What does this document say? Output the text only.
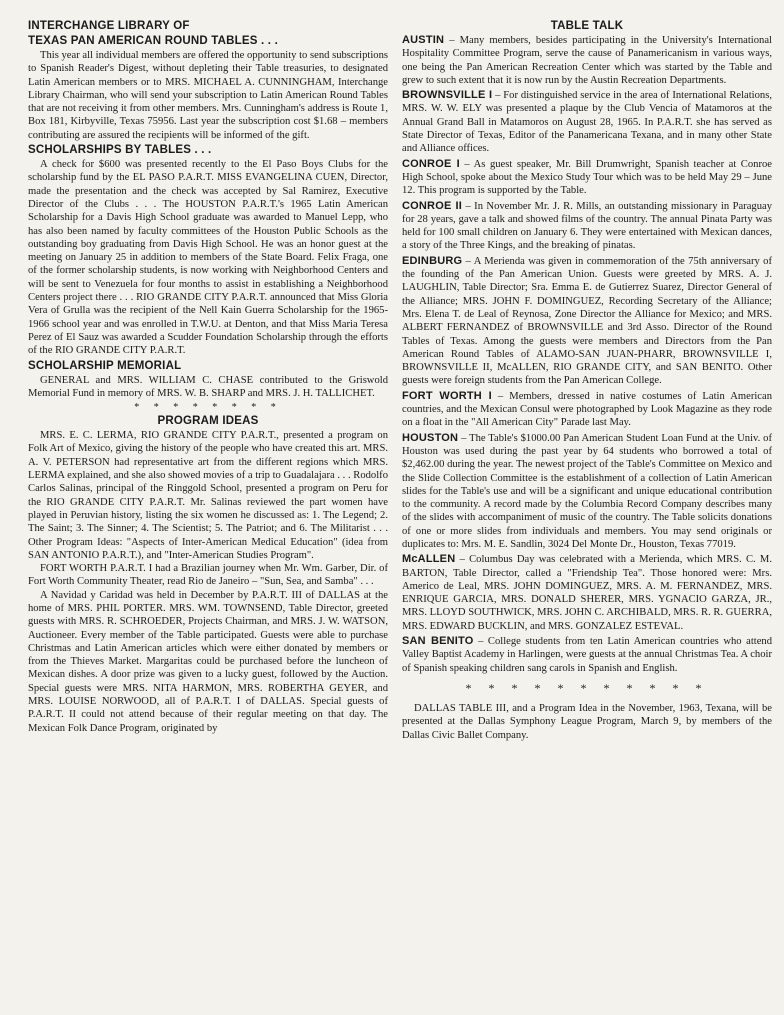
INTERCHANGE LIBRARY OF
TEXAS PAN AMERICAN ROUND TABLES . . .

This year all individual members are offered the opportunity to send subscriptions to Spanish Reader's Digest, without depleting their Table treasuries, to designated Latin American members or to MRS. MICHAEL A. CUNNINGHAM, Interchange Library Chairman, who will send your subscription to Latin American Round Tables that are not receiving it from other members. Mrs. Cunningham's address is Route 1, Box 181, Kirbyville, Texas 75956. Last year the subscription cost $1.68 – members contributing are assured the recipients will be informed of the gift.

SCHOLARSHIPS BY TABLES . . .

A check for $600 was presented recently to the El Paso Boys Clubs for the scholarship fund by the EL PASO P.A.R.T. MISS EVANGELINA CUEN, Director, made the presentation and the check was accepted by Sal Ramirez, Executive Director of the Clubs . . . The HOUSTON P.A.R.T.'s 1965 Latin American Scholarship for a Davis High School graduate was awarded to Manuel Lepp, who has also been named by faculty committees of the Houston Public Schools as the outstanding boy graduating from Davis High School. He was an honor guest at the meeting on January 25 in addition to members of the State Board. Felix Fraga, one of the former scholarship students, is now working with Neighborhood Centers and will be sent to Venezuela for four months to assist in establishing a Neighborhood Centers project there . . . RIO GRANDE CITY P.A.R.T. announced that Miss Gloria Vera of Grulla was the recipient of the Nell Kain Guerra Scholarship for the 1965-1966 school year and was enrolled in T.W.U. at Denton, and that Miss Maria Teresa Perez of El Sauz was awarded a Scudder Foundation Scholarship through the efforts of the RIO GRANDE CITY P.A.R.T.

SCHOLARSHIP MEMORIAL

GENERAL and MRS. WILLIAM C. CHASE contributed to the Griswold Memorial Fund in memory of MRS. W. B. SHARP and MRS. J. H. TALLICHET.

* * * * * * * *
PROGRAM IDEAS

MRS. E. C. LERMA, RIO GRANDE CITY P.A.R.T., presented a program on Folk Art of Mexico, giving the history of the people who have created this art. MRS. A. V. PETERSON had representative art from the different regions which MRS. LERMA explained, and she also showed movies of a trip to Guadalajara . . . Rodolfo Carlos Salinas, principal of the Ringgold School, presented a program on Peru for the RIO GRANDE CITY P.A.R.T. Mr. Salinas reviewed the part women have played in Peruvian history, listing the six women he discussed as: 1. The Legend; 2. The Saint; 3. The Sinner; 4. The Scientist; 5. The Patriot; and 6. The Militarist . . . Other Program Ideas: "Aspects of Inter-American Medical Education" (idea from SAN ANTONIO P.A.R.T.), and "Inter-American Studies Program".

FORT WORTH P.A.R.T. I had a Brazilian journey when Mr. Wm. Garber, Dir. of Fort Worth Community Theater, read Rio de Janeiro – "Sun, Sea, and Samba" . . .

A Navidad y Caridad was held in December by P.A.R.T. III of DALLAS at the home of MRS. PHIL PORTER. MRS. WM. TOWNSEND, Table Director, greeted guests with MRS. R. SCHROEDER, Projects Chairman, and MRS. J. W. WATSON, Auctioneer. Every member of the Table participated. Guests were able to purchase Christmas and Latin American articles which were either donated by members or from the Thieves Market. Margaritas could be purchased before the luncheon of Mexican dishes. A door prize was given to a lucky guest, followed by the Auction. Special guests were MRS. NITA HARMON, MRS. ROBERTHA GEYER, and MRS. LOUISE NORWOOD, all of P.A.R.T. I of DALLAS. Special guests of P.A.R.T. II could not attend because of their regular meeting on that day. The Mexican Folk Dance Program, originated by

TABLE TALK

AUSTIN – Many members, besides participating in the University's International Hospitality Committee Program, serve the cause of Panamericanism in various ways, one being the Pan American Recreation Center which was started by the Table and grew to such extent that it is now run by the Austin Recreation Departments.

BROWNSVILLE I – For distinguished service in the area of International Relations, MRS. W. W. ELY was presented a plaque by the Club Vencia of Matamoros at the Annual Grand Ball in Matamoros on August 28, 1965. In P.A.R.T. she has served as State Director of Texas, Editor of the Panamericana Texana, and in many other State and Alliance offices.

CONROE I – As guest speaker, Mr. Bill Drumwright, Spanish teacher at Conroe High School, spoke about the Mexico Study Tour which was to be held May 29 – June 12. This program is supported by the Table.

CONROE II – In November Mr. J. R. Mills, an outstanding missionary in Paraguay for 28 years, gave a talk and showed films of the country. The annual Pinata Party was held for 100 small children on January 6. They were entertained with Mexican dances, a story of the Three Kings, and the breaking of pinatas.

EDINBURG – A Merienda was given in commemoration of the 75th anniversary of the founding of the Pan American Union. Guests were greeted by MRS. A. J. LAUGHLIN, Table Director; Sra. Emma E. de Gutierrez Suarez, Director General of the Alliance; MRS. JOHN F. DOMINGUEZ, Recording Secretary of the Alliance; Mrs. Elena T. de Leal of Reynosa, Zone Director the Alliance for Mexico; and MRS. ALBERT FERNANDEZ of BROWNSVILLE and 3rd Asso. Director of the Round Tables of Texas. Among the guests were members and Directors from the Pan American Round Tables of ALAMO-SAN JUAN-PHARR, BROWNSVILLE I, BROWNSVILLE II, McALLEN, RIO GRANDE CITY, and SAN BENITO. Other guests were foreign students from the Pan American College.

FORT WORTH I – Members, dressed in native costumes of Latin American countries, and the Mexican Consul were photographed by Look Magazine as they rode on a float in the "All American City" Parade last May.

HOUSTON – The Table's $1000.00 Pan American Student Loan Fund at the Univ. of Houston was used during the past year by 64 students who borrowed a total of $2,462.00 during the year. The newest project of the Table's Committee on Mexico and the Slide Collection Committee is the establishment of a collection of Latin American slides for the Table's use and will be a significant and unique educational contribution to the community. A record made by the Columbia Record Company describes many of the slides with accompaniment of music of the country. The Table solicits donations of one or more slides from individuals and members. You may send originals or duplicates to: Mrs. M. E. Sandlin, 3024 Del Monte Dr., Houston, Texas 77019.

McALLEN – Columbus Day was celebrated with a Merienda, which MRS. C. M. BARTON, Table Director, called a "Friendship Tea". Those honored were: Mrs. Americo de Leal, MRS. JOHN DOMINGUEZ, MRS. A. M. FERNANDEZ, MRS. ENRIQUE GARCIA, MRS. DONALD SHERER, MRS. YGNACIO GARZA, JR., MRS. LLOYD SOUTHWICK, MRS. JOHN C. ARCHIBALD, MRS. R. R. GUERRA, MRS. EDWARD BUCKLIN, and MRS. GONZALEZ ESTEVAL.

SAN BENITO – College students from ten Latin American countries who attend Valley Baptist Academy in Harlingen, were guests at the annual Christmas Tea. A choir of Spanish speaking children sang carols in Spanish and English.

* * * * * * * * * * *

DALLAS TABLE III, and a Program Idea in the November, 1963, Texana, will be presented at the Dallas Symphony League Program, March 9, by members of the Dallas Civic Ballet Company.
